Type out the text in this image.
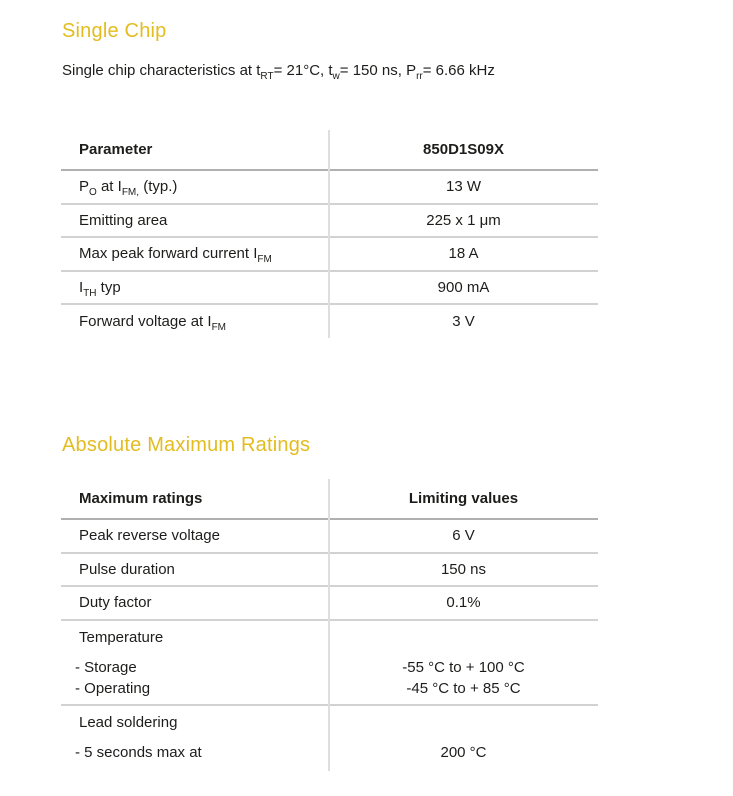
Single Chip

Single chip characteristics at $t_{RT}= 21^\circ C$, $t_w= 150$ ns, $P_{rr}= 6.66$ kHz

Parameter	850D1S09X
$P_O$ at $I_{FM,}$ (typ.)	13 W
Emitting area	225 x 1 μm
Max peak forward current $I_{FM}$	18 A
$I_{TH}$ typ	900 mA
Forward voltage at $I_{FM}$	3 V
Absolute Maximum Ratings
Maximum ratings	Limiting values
Peak reverse voltage	6 V
Pulse duration	150 ns
Duty factor	0.1%
Temperature
- Storage	-55 °C to + 100 °C
- Operating	-45 °C to + 85 °C
Lead soldering
- 5 seconds max at	200 °C
